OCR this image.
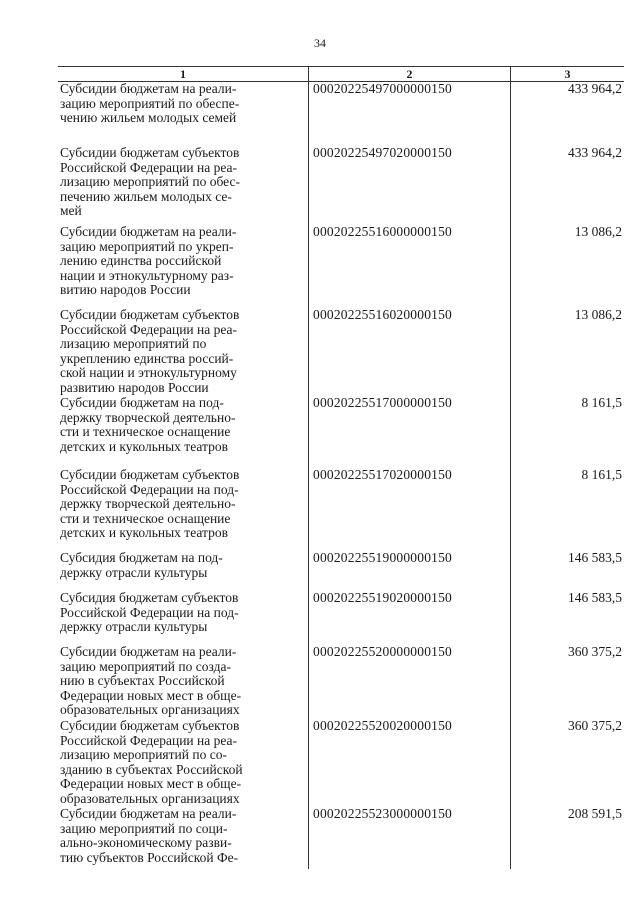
34
1	2	3
Субсидии бюджетам на реали-
зацию мероприятий по обеспе-
чению жильем молодых семей
00020225497000000150	433 964,2
Субсидии бюджетам субъектов
Российской Федерации на реа-
лизацию мероприятий по обес-
печению жильем молодых се-
мей
00020225497020000150	433 964,2
Субсидии бюджетам на реали-
зацию мероприятий по укреп-
лению единства российской
нации и этнокультурному раз-
витию народов России
00020225516000000150	13 086,2
Субсидии бюджетам субъектов
Российской Федерации на реа-
лизацию мероприятий по
укреплению единства россий-
ской нации и этнокультурному
развитию народов России
00020225516020000150	13 086,2
Субсидии бюджетам на под-
держку творческой деятельно-
сти и техническое оснащение
детских и кукольных театров
00020225517000000150	8 161,5
Субсидии бюджетам субъектов
Российской Федерации на под-
держку творческой деятельно-
сти и техническое оснащение
детских и кукольных театров
00020225517020000150	8 161,5
Субсидия бюджетам на под-
держку отрасли культуры
00020225519000000150	146 583,5
Субсидия бюджетам субъектов
Российской Федерации на под-
держку отрасли культуры
00020225519020000150	146 583,5
Субсидии бюджетам на реали-
зацию мероприятий по созда-
нию в субъектах Российской
Федерации новых мест в обще-
образовательных организациях
00020225520000000150	360 375,2
Субсидии бюджетам субъектов
Российской Федерации на реа-
лизацию мероприятий по со-
зданию в субъектах Российской
Федерации новых мест в обще-
образовательных организациях
00020225520020000150	360 375,2
Субсидии бюджетам на реали-
зацию мероприятий по соци-
ально-экономическому разви-
тию субъектов Российской Фе-
00020225523000000150	208 591,5
